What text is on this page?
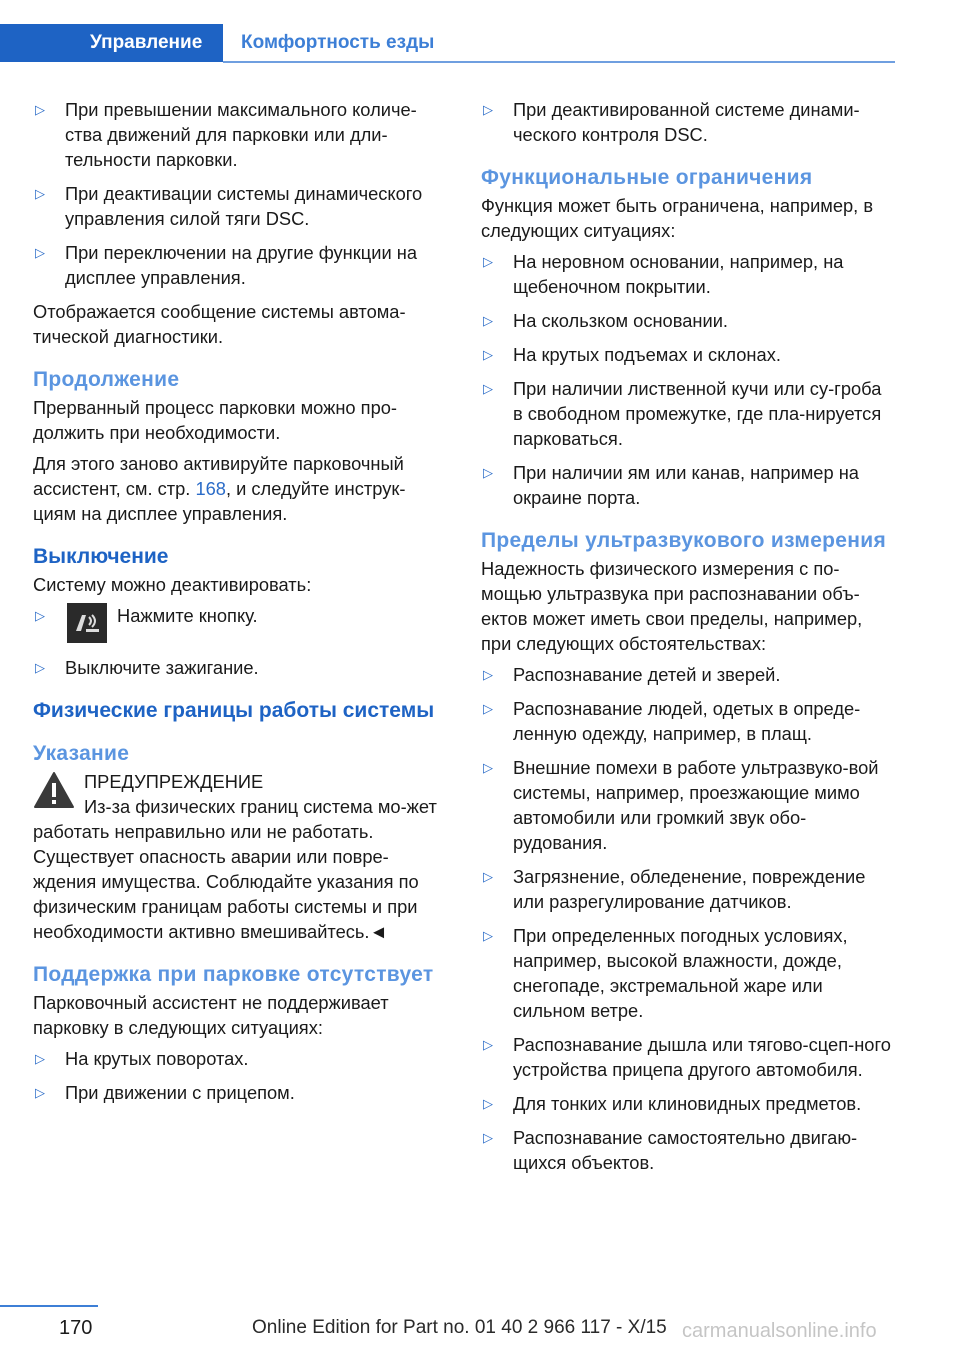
Управление	Комфортность езды
▷ При превышении максимального количе-ства движений для парковки или дли-тельности парковки.

▷ При деактивации системы динамического управления силой тяги DSC.

▷ При переключении на другие функции на дисплее управления.

Отображается сообщение системы автома-тической диагностики.

Продолжение

Прерванный процесс парковки можно про-должить при необходимости.

Для этого заново активируйте парковочный ассистент, см. стр. 168, и следуйте инструк-циям на дисплее управления.

Выключение

Систему можно деактивировать:

▷	Нажмите кнопку.
▷ Выключите зажигание.

Физические границы работы системы
Указание

ПРЕДУПРЕЖДЕНИЕ

Из-за физических границ система мо-жет работать неправильно или не работать. Существует опасность аварии или повре-ждения имущества. Соблюдайте указания по физическим границам работы системы и при необходимости активно вмешивайтесь.◄

Поддержка при парковке отсутствует

Парковочный ассистент не поддерживает парковку в следующих ситуациях:

▷ На крутых поворотах.

▷ При движении с прицепом.

▷ При деактивированной системе динами-ческого контроля DSC.

Функциональные ограничения

Функция может быть ограничена, например, в следующих ситуациях:

▷ На неровном основании, например, на щебеночном покрытии.

▷ На скользком основании.

▷ На крутых подъемах и склонах.

▷ При наличии лиственной кучи или су-гроба в свободном промежутке, где пла-нируется парковаться.

▷ При наличии ям или канав, например на окраине порта.

Пределы ультразвукового измерения

Надежность физического измерения с по-мощью ультразвука при распознавании объ-ектов может иметь свои пределы, например, при следующих обстоятельствах:

▷ Распознавание детей и зверей.

▷ Распознавание людей, одетых в опреде-ленную одежду, например, в плащ.

▷ Внешние помехи в работе ультразвуко-вой системы, например, проезжающие мимо автомобили или громкий звук обо-рудования.

▷ Загрязнение, обледенение, повреждение или разрегулирование датчиков.

▷ При определенных погодных условиях, например, высокой влажности, дожде, снегопаде, экстремальной жаре или сильном ветре.

▷ Распознавание дышла или тягово-сцеп-ного устройства прицепа другого автомобиля.

▷ Для тонких или клиновидных предметов.

▷ Распознавание самостоятельно двигаю-щихся объектов.

170	Online Edition for Part no. 01 40 2 966 117 - X/15 carmanualsonline.info
